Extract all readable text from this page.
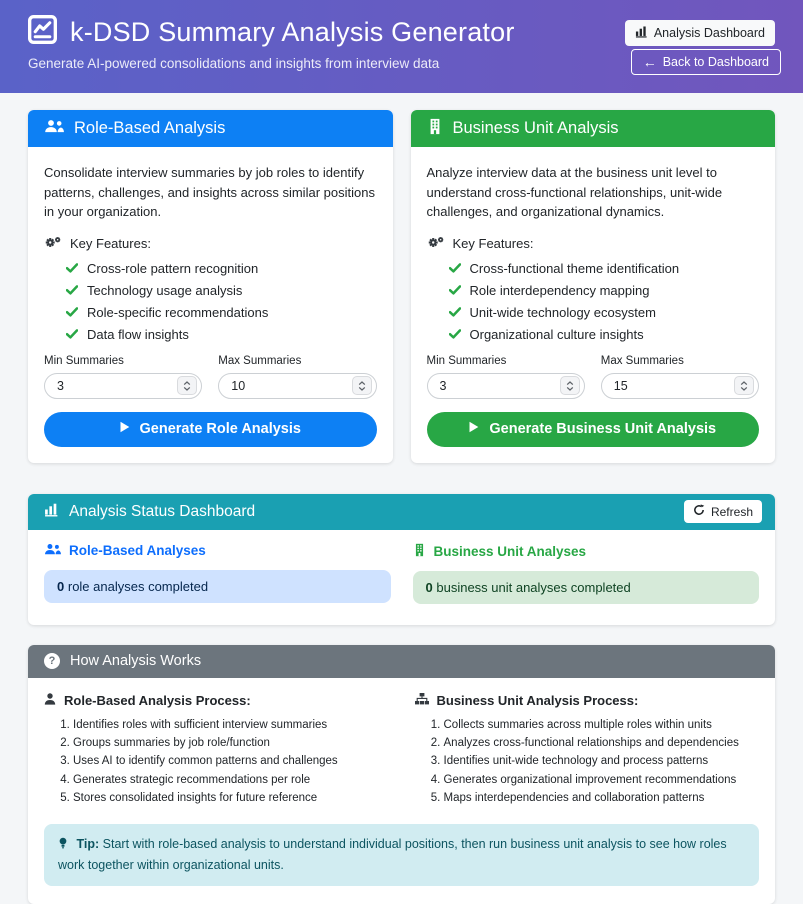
k-DSD Summary Analysis Generator
Generate AI-powered consolidations and insights from interview data
Analysis Dashboard
← Back to Dashboard
Role-Based Analysis

Consolidate interview summaries by job roles to identify patterns, challenges, and insights across similar positions in your organization.

Key Features:
Cross-role pattern recognition
Technology usage analysis
Role-specific recommendations
Data flow insights
Min Summaries
3	Max Summaries
10
Generate Role Analysis
Business Unit Analysis

Analyze interview data at the business unit level to understand cross-functional relationships, unit-wide challenges, and organizational dynamics.

Key Features:
Cross-functional theme identification
Role interdependency mapping
Unit-wide technology ecosystem
Organizational culture insights
Min Summaries
3	Max Summaries
15
Generate Business Unit Analysis
Analysis Status Dashboard	Refresh
Role-Based Analyses
0 role analyses completed
Business Unit Analyses
0 business unit analyses completed
?	How Analysis Works
Role-Based Analysis Process:
1. Identifies roles with sufficient interview summaries
2. Groups summaries by job role/function
3. Uses AI to identify common patterns and challenges
4. Generates strategic recommendations per role
5. Stores consolidated insights for future reference
Business Unit Analysis Process:
1. Collects summaries across multiple roles within units
2. Analyzes cross-functional relationships and dependencies
3. Identifies unit-wide technology and process patterns
4. Generates organizational improvement recommendations
5. Maps interdependencies and collaboration patterns
Tip: Start with role-based analysis to understand individual positions, then run business unit analysis to see how roles work together within organizational units.
